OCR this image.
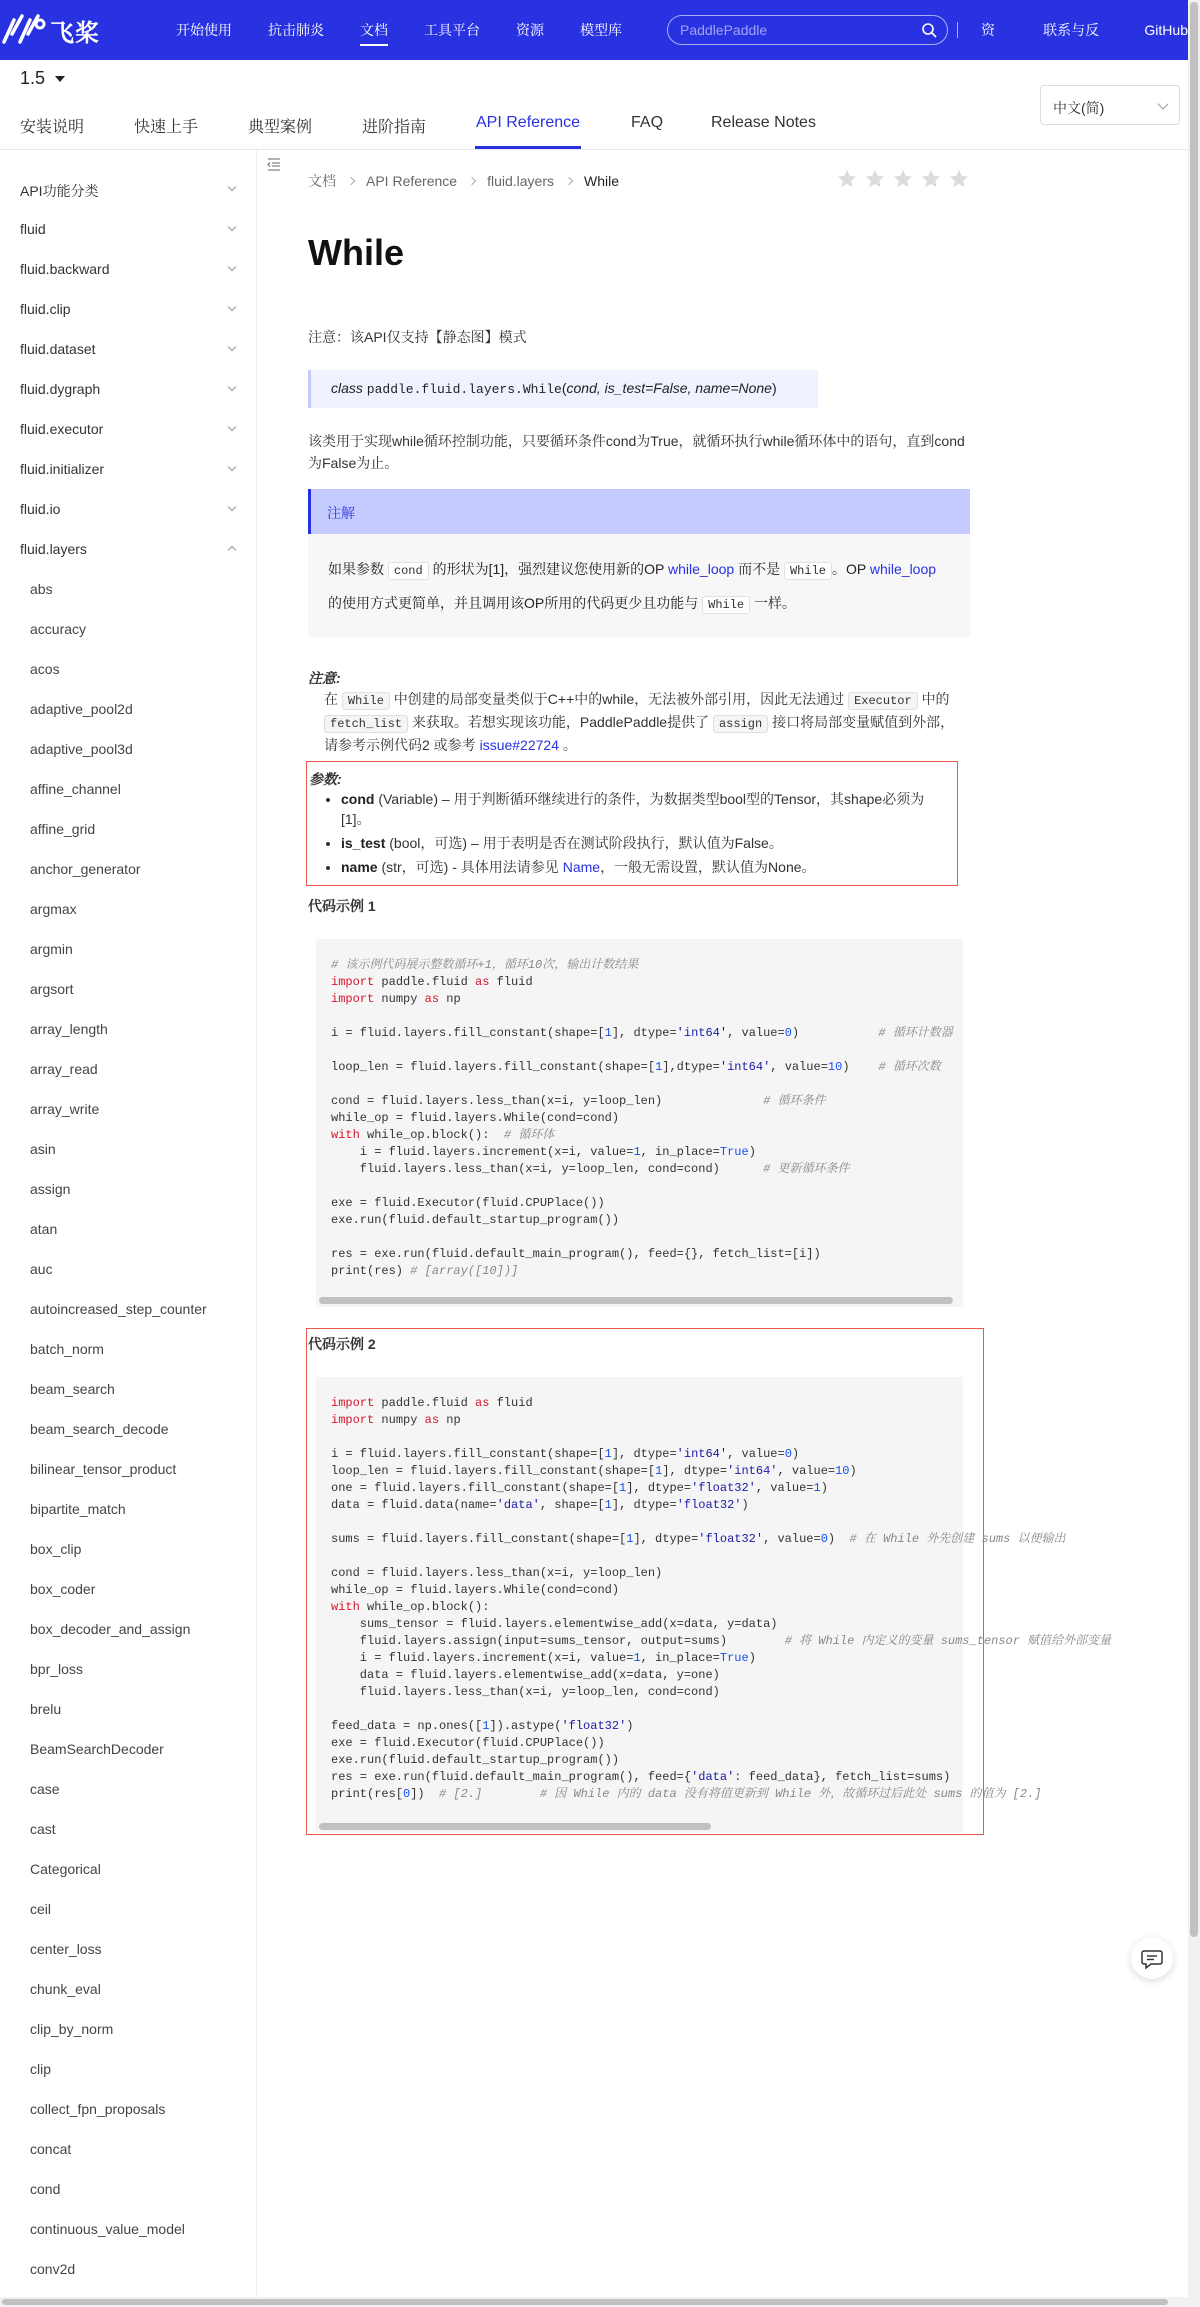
飞桨	开始使用	抗击肺炎	文档	工具平台	资源	模型库
PaddlePaddle	资讯
联系与反馈
GitHub
1.5
安装说明	快速上手	典型案例	进阶指南	API Reference	FAQ	Release Notes
中文(简)
API功能分类
fluid
fluid.backward
fluid.clip
fluid.dataset
fluid.dygraph
fluid.executor
fluid.initializer
fluid.io
fluid.layers
abs
accuracy
acos
adaptive_pool2d
adaptive_pool3d
affine_channel
affine_grid
anchor_generator
argmax
argmin
argsort
array_length
array_read
array_write
asin
assign
atan
auc
autoincreased_step_counter
batch_norm
beam_search
beam_search_decode
bilinear_tensor_product
bipartite_match
box_clip
box_coder
box_decoder_and_assign
bpr_loss
brelu
BeamSearchDecoder
case
cast
Categorical
ceil
center_loss
chunk_eval
clip_by_norm
clip
collect_fpn_proposals
concat
cond
continuous_value_model
conv2d
文档 API Reference fluid.layers While
While
注意：该API仅支持【静态图】模式
class paddle.fluid.layers.While(cond, is_test=False, name=None)
该类用于实现while循环控制功能，只要循环条件cond为True，就循环执行while循环体中的语句，直到cond为False为止。
注解
如果参数 cond 的形状为[1]，强烈建议您使用新的OP while_loop 而不是 While 。OP while_loop
的使用方式更简单，并且调用该OP所用的代码更少且功能与 While 一样。
注意:
在 While 中创建的局部变量类似于C++中的while，无法被外部引用，因此无法通过 Executor 中的 fetch_list 来获取。若想实现该功能，PaddlePaddle提供了 assign 接口将局部变量赋值到外部，请参考示例代码2 或参考 issue#22724 。
参数:
• cond (Variable) – 用于判断循环继续进行的条件，为数据类型bool型的Tensor，其shape必须为[1]。
• is_test (bool，可选) – 用于表明是否在测试阶段执行，默认值为False。
• name (str，可选) - 具体用法请参见 Name，一般无需设置，默认值为None。
代码示例 1
# 该示例代码展示整数循环+1，循环10次，输出计数结果
import paddle.fluid as fluid
import numpy as np

i = fluid.layers.fill_constant(shape=[1], dtype='int64', value=0)           # 循环计数器

loop_len = fluid.layers.fill_constant(shape=[1],dtype='int64', value=10)    # 循环次数

cond = fluid.layers.less_than(x=i, y=loop_len)	# 循环条件
while_op = fluid.layers.While(cond=cond)
with while_op.block():  # 循环体
i = fluid.layers.increment(x=i, value=1, in_place=True)
fluid.layers.less_than(x=i, y=loop_len, cond=cond)	# 更新循环条件

exe = fluid.Executor(fluid.CPUPlace())
exe.run(fluid.default_startup_program())

res = exe.run(fluid.default_main_program(), feed={}, fetch_list=[i])
print(res) # [array([10])]
代码示例 2
import paddle.fluid as fluid
import numpy as np

i = fluid.layers.fill_constant(shape=[1], dtype='int64', value=0)
loop_len = fluid.layers.fill_constant(shape=[1], dtype='int64', value=10)
one = fluid.layers.fill_constant(shape=[1], dtype='float32', value=1)
data = fluid.data(name='data', shape=[1], dtype='float32')

sums = fluid.layers.fill_constant(shape=[1], dtype='float32', value=0)  # 在 While 外先创建 sums 以便输出

cond = fluid.layers.less_than(x=i, y=loop_len)
while_op = fluid.layers.While(cond=cond)
with while_op.block():
sums_tensor = fluid.layers.elementwise_add(x=data, y=data)
fluid.layers.assign(input=sums_tensor, output=sums)	# 将 While 内定义的变量 sums_tensor 赋值给外部变量
i = fluid.layers.increment(x=i, value=1, in_place=True)
data = fluid.layers.elementwise_add(x=data, y=one)
fluid.layers.less_than(x=i, y=loop_len, cond=cond)

feed_data = np.ones([1]).astype('float32')
exe = fluid.Executor(fluid.CPUPlace())
exe.run(fluid.default_startup_program())
res = exe.run(fluid.default_main_program(), feed={'data': feed_data}, fetch_list=sums)
print(res[0])  # [2.]        # 因 While 内的 data 没有将值更新到 While 外，故循环过后此处 sums 的值为 [2.]
